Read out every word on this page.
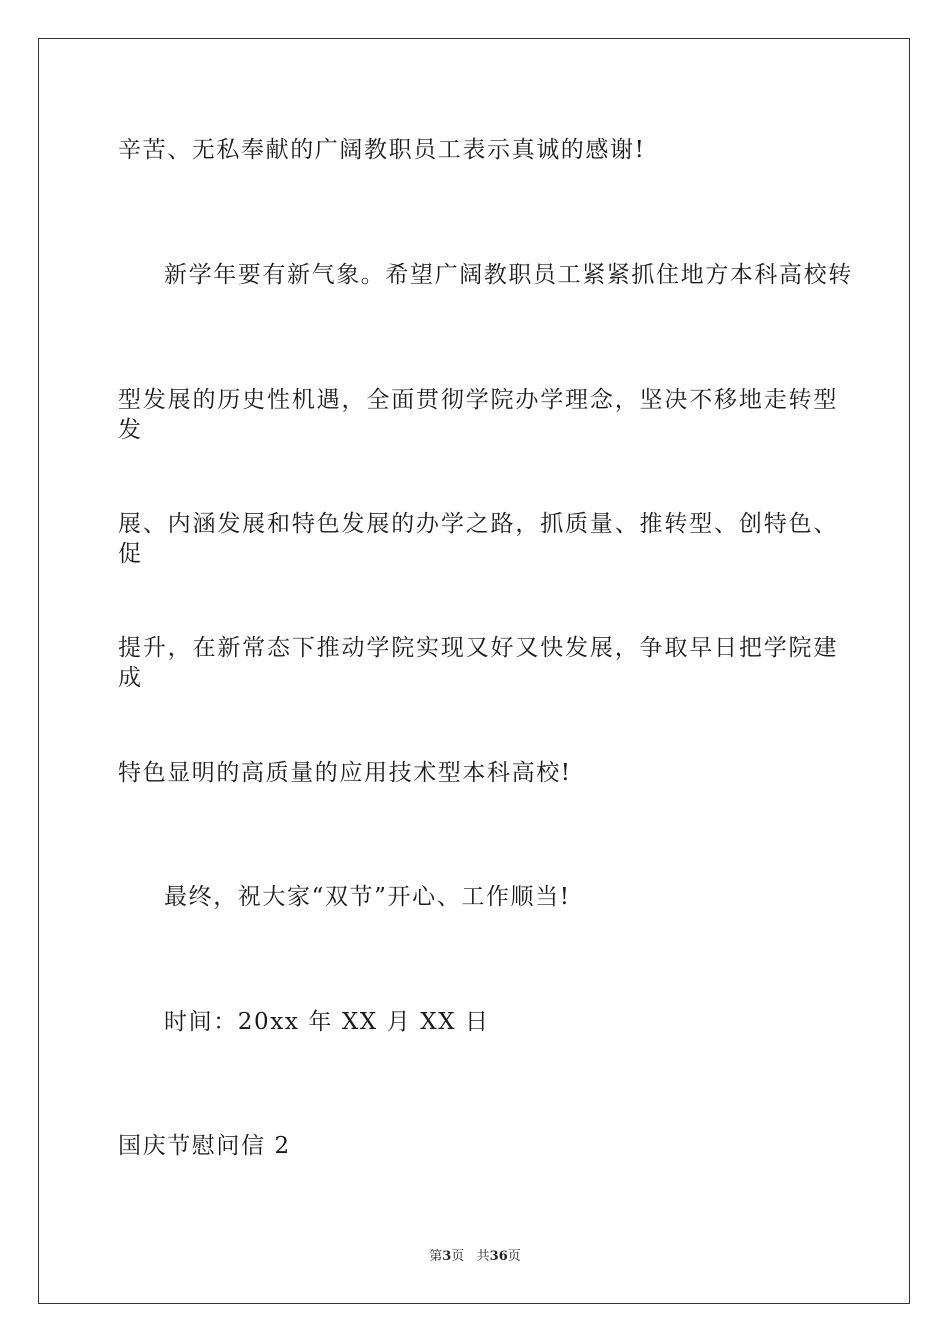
辛苦、无私奉献的广阔教职员工表示真诚的感谢!
新学年要有新气象。希望广阔教职员工紧紧抓住地方本科高校转
型发展的历史性机遇，全面贯彻学院办学理念，坚决不移地走转型发
展、内涵发展和特色发展的办学之路，抓质量、推转型、创特色、促
提升，在新常态下推动学院实现又好又快发展，争取早日把学院建成
特色显明的高质量的应用技术型本科高校!
最终，祝大家“双节”开心、工作顺当!
时间：20xx 年 XX 月 XX 日
国庆节慰问信 2
第3页   共36页
